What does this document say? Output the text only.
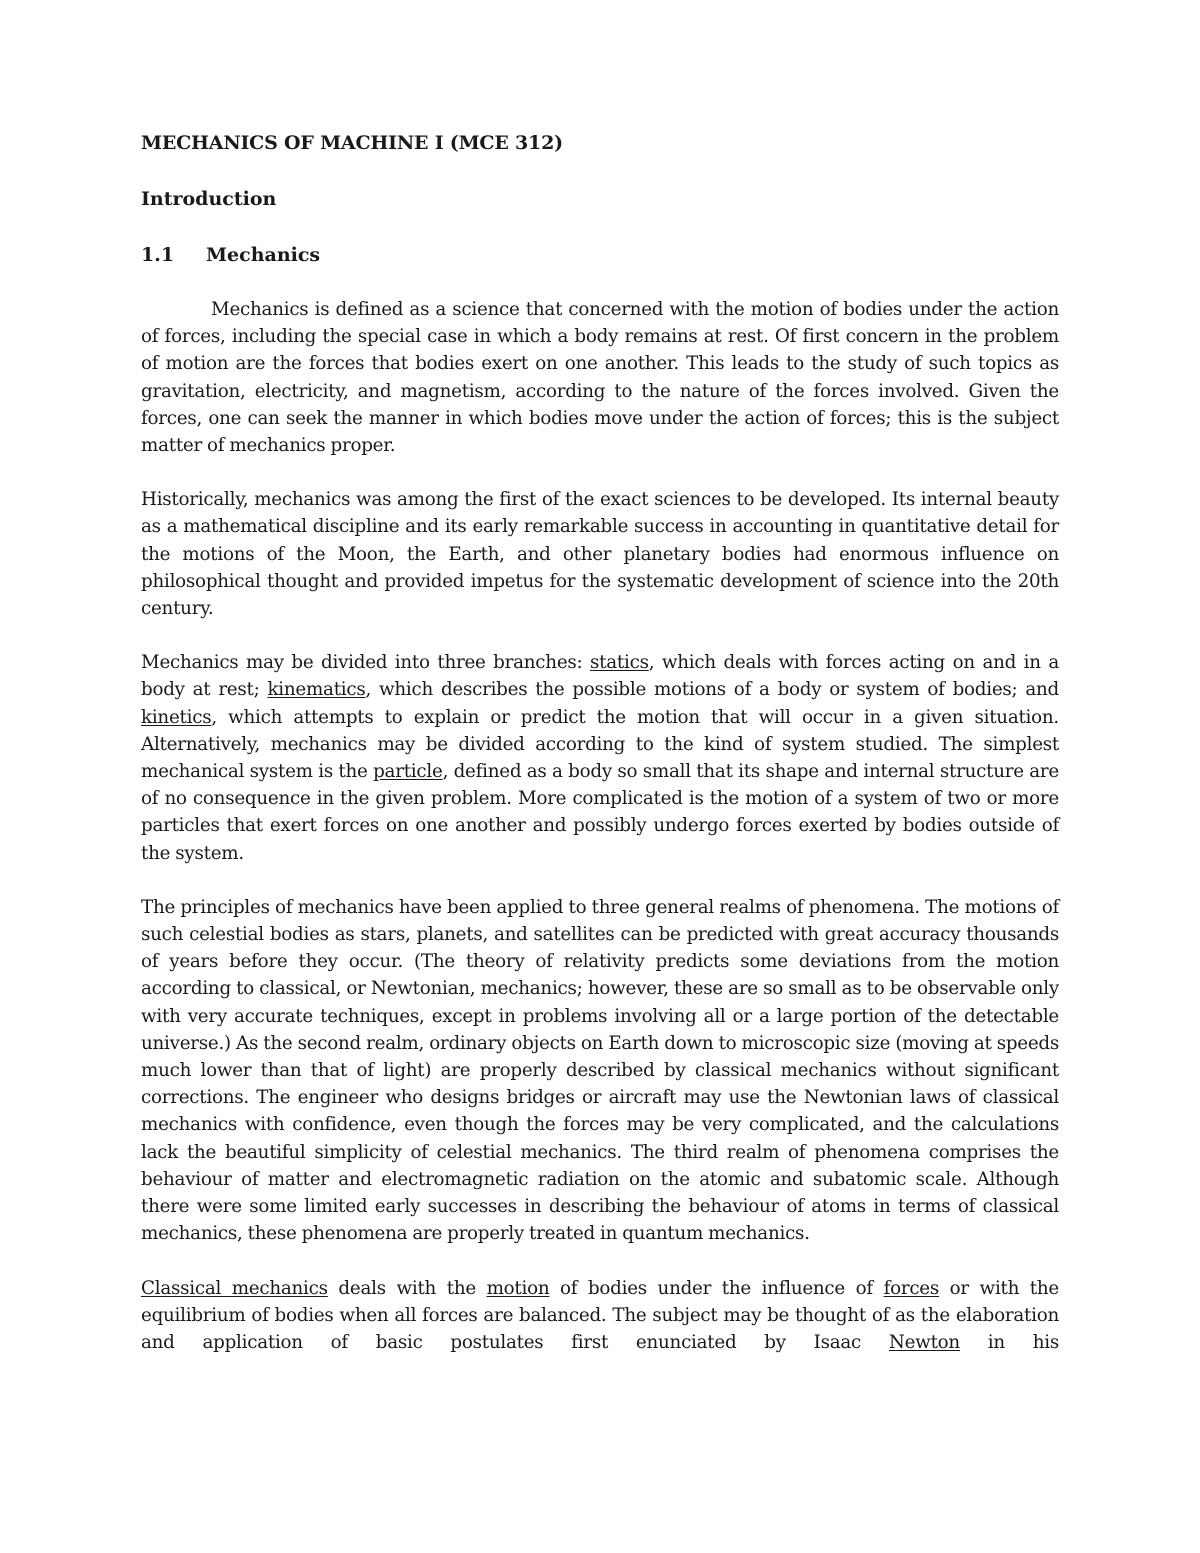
MECHANICS OF MACHINE I (MCE 312)
Introduction
1.1	Mechanics

Mechanics is defined as a science that concerned with the motion of bodies under the action of forces, including the special case in which a body remains at rest. Of first concern in the problem of motion are the forces that bodies exert on one another. This leads to the study of such topics as gravitation, electricity, and magnetism, according to the nature of the forces involved. Given the forces, one can seek the manner in which bodies move under the action of forces; this is the subject matter of mechanics proper.

Historically, mechanics was among the first of the exact sciences to be developed. Its internal beauty as a mathematical discipline and its early remarkable success in accounting in quantitative detail for the motions of the Moon, the Earth, and other planetary bodies had enormous influence on philosophical thought and provided impetus for the systematic development of science into the 20th century.

Mechanics may be divided into three branches: statics, which deals with forces acting on and in a body at rest; kinematics, which describes the possible motions of a body or system of bodies; and kinetics, which attempts to explain or predict the motion that will occur in a given situation. Alternatively, mechanics may be divided according to the kind of system studied. The simplest mechanical system is the particle, defined as a body so small that its shape and internal structure are of no consequence in the given problem. More complicated is the motion of a system of two or more particles that exert forces on one another and possibly undergo forces exerted by bodies outside of the system.

The principles of mechanics have been applied to three general realms of phenomena. The motions of such celestial bodies as stars, planets, and satellites can be predicted with great accuracy thousands of years before they occur. (The theory of relativity predicts some deviations from the motion according to classical, or Newtonian, mechanics; however, these are so small as to be observable only with very accurate techniques, except in problems involving all or a large portion of the detectable universe.) As the second realm, ordinary objects on Earth down to microscopic size (moving at speeds much lower than that of light) are properly described by classical mechanics without significant corrections. The engineer who designs bridges or aircraft may use the Newtonian laws of classical mechanics with confidence, even though the forces may be very complicated, and the calculations lack the beautiful simplicity of celestial mechanics. The third realm of phenomena comprises the behaviour of matter and electromagnetic radiation on the atomic and subatomic scale. Although there were some limited early successes in describing the behaviour of atoms in terms of classical mechanics, these phenomena are properly treated in quantum mechanics.

Classical mechanics deals with the motion of bodies under the influence of forces or with the equilibrium of bodies when all forces are balanced. The subject may be thought of as the elaboration and application of basic postulates first enunciated by Isaac Newton in his
